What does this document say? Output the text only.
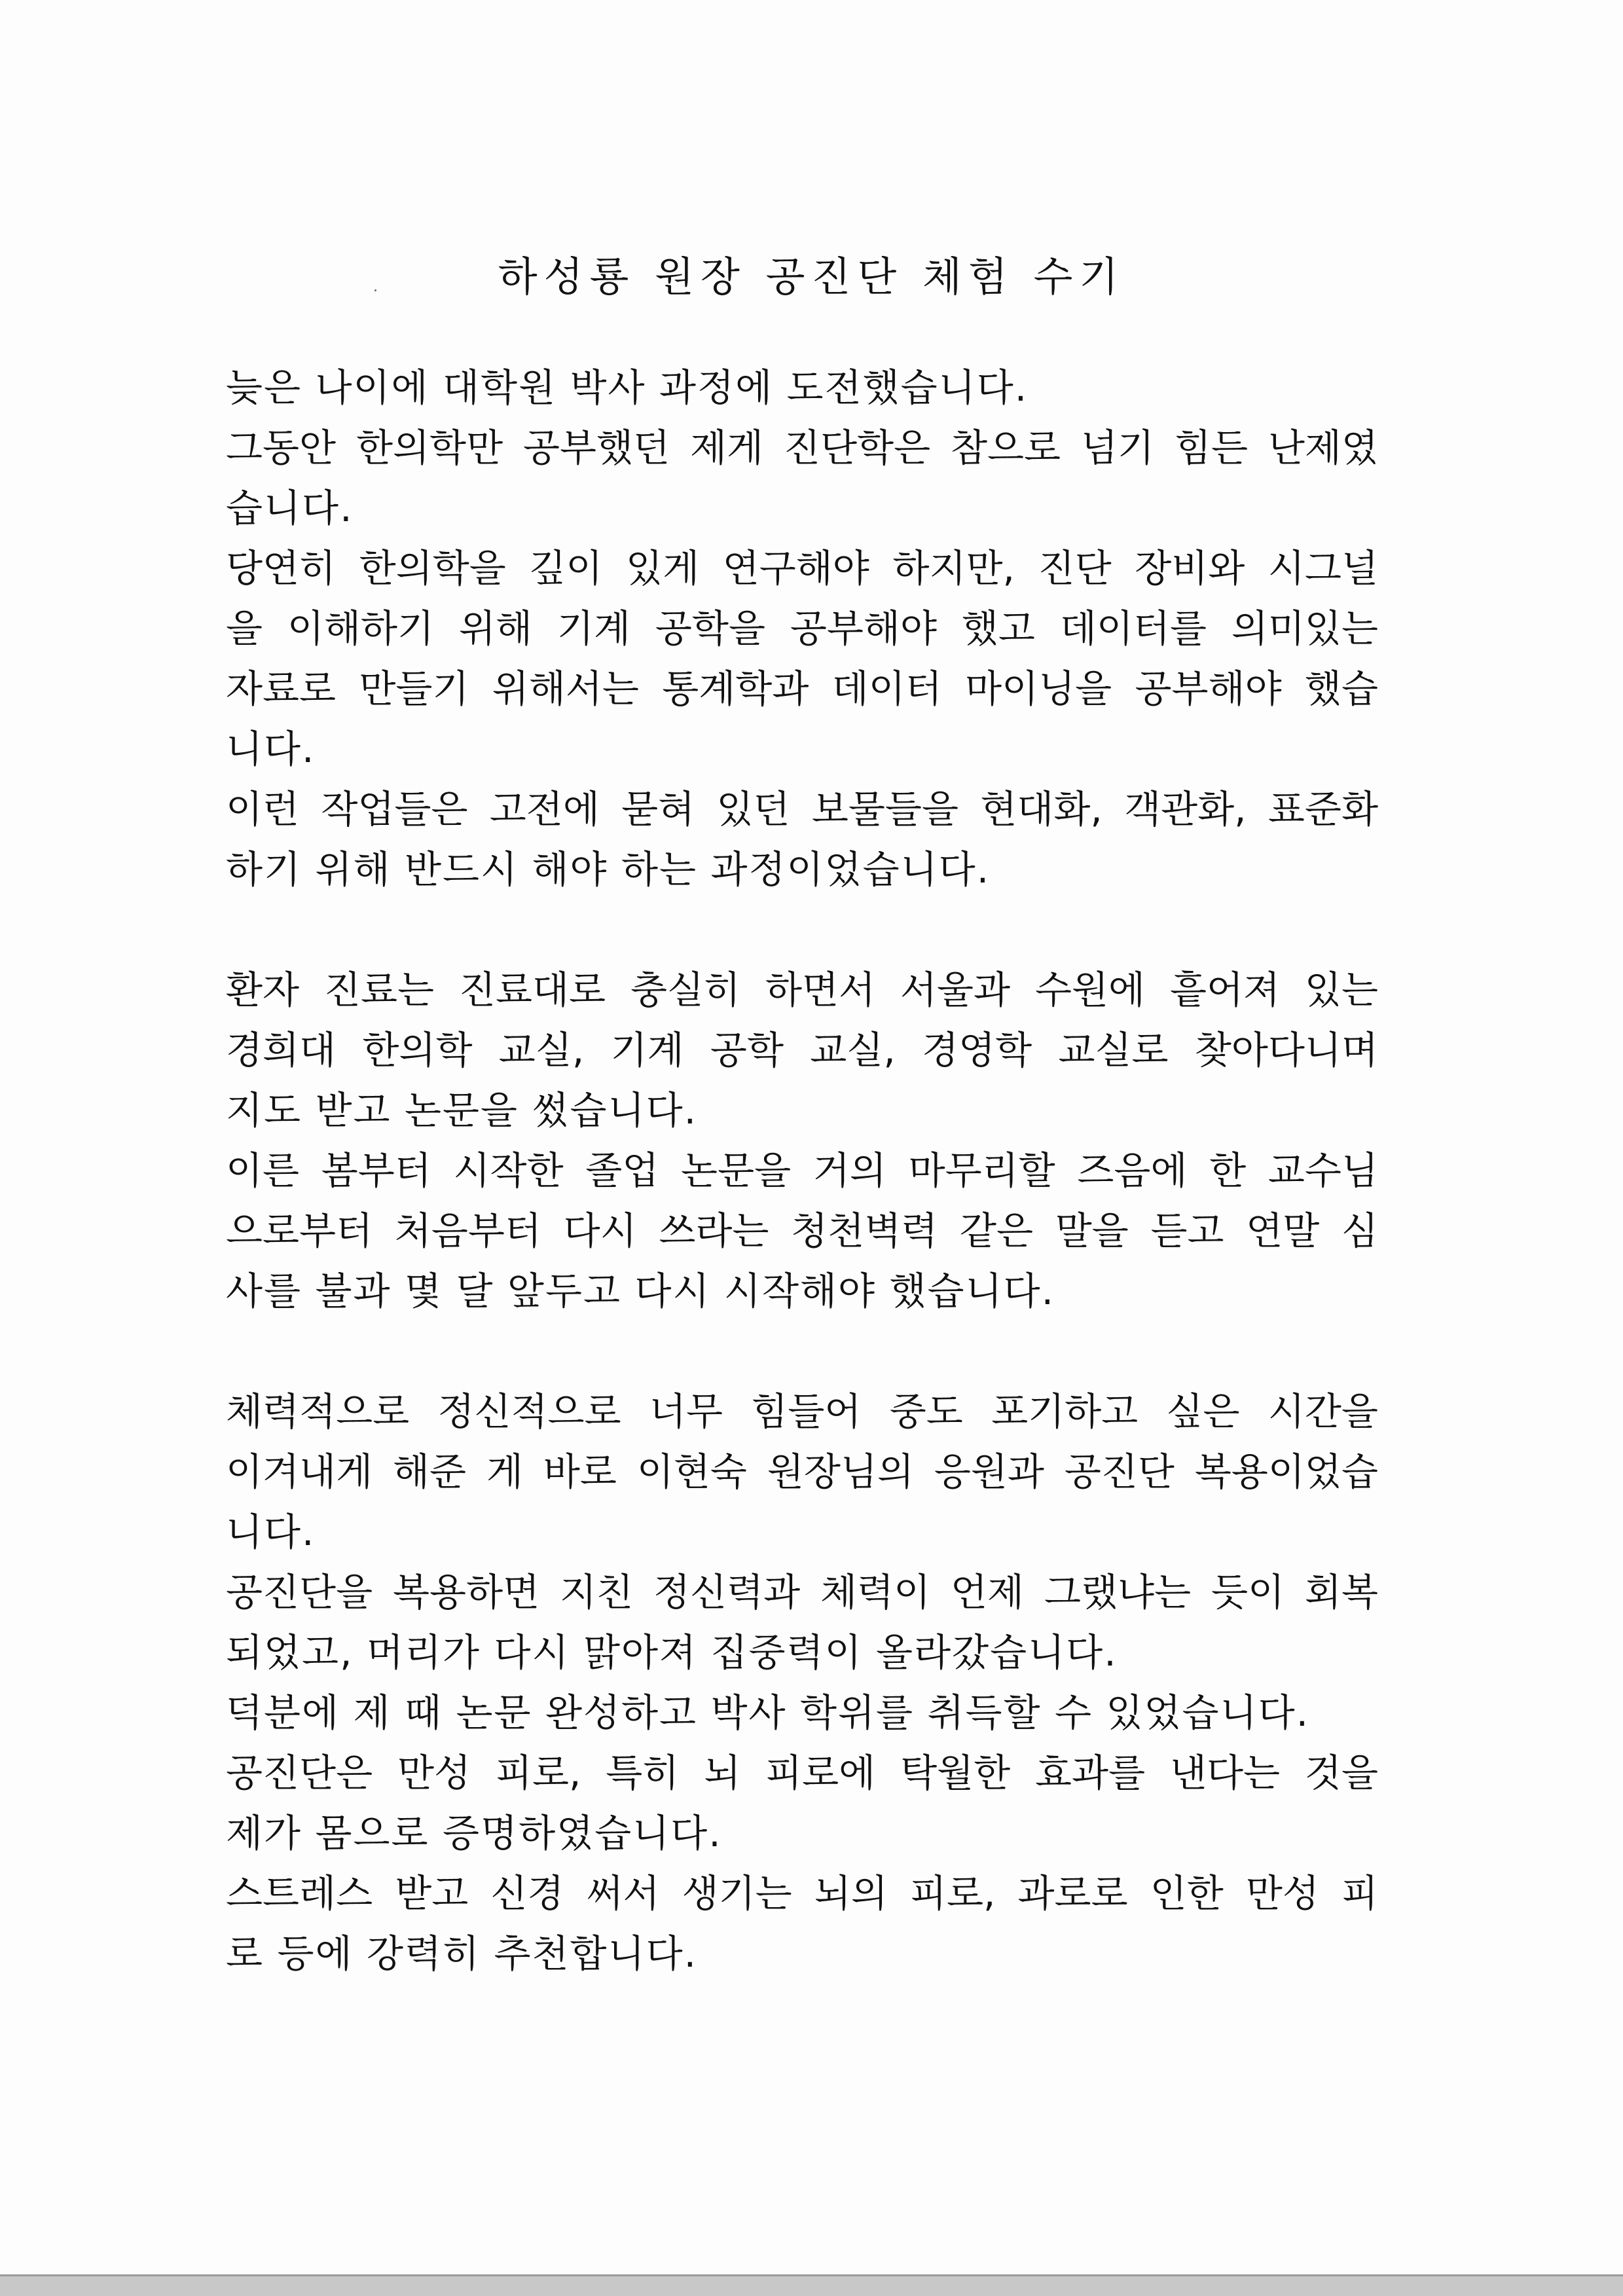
하성룡 원장 공진단 체험 수기
늦은 나이에 대학원 박사 과정에 도전했습니다.
그동안 한의학만 공부했던 제게 진단학은 참으로 넘기 힘든 난제였
습니다.
당연히 한의학을 깊이 있게 연구해야 하지만, 진단 장비와 시그널
을 이해하기 위해 기계 공학을 공부해야 했고 데이터를 의미있는
자료로 만들기 위해서는 통계학과 데이터 마이닝을 공부해야 했습
니다.
이런 작업들은 고전에 묻혀 있던 보물들을 현대화, 객관화, 표준화
하기 위해 반드시 해야 하는 과정이었습니다.
환자 진료는 진료대로 충실히 하면서 서울과 수원에 흩어져 있는
경희대 한의학 교실, 기계 공학 교실, 경영학 교실로 찾아다니며
지도 받고 논문을 썼습니다.
이른 봄부터 시작한 졸업 논문을 거의 마무리할 즈음에 한 교수님
으로부터 처음부터 다시 쓰라는 청천벽력 같은 말을 듣고 연말 심
사를 불과 몇 달 앞두고 다시 시작해야 했습니다.
체력적으로 정신적으로 너무 힘들어 중도 포기하고 싶은 시간을
이겨내게 해준 게 바로 이현숙 원장님의 응원과 공진단 복용이었습
니다.
공진단을 복용하면 지친 정신력과 체력이 언제 그랬냐는 듯이 회복
되었고, 머리가 다시 맑아져 집중력이 올라갔습니다.
덕분에 제 때 논문 완성하고 박사 학위를 취득할 수 있었습니다.
공진단은 만성 피로, 특히 뇌 피로에 탁월한 효과를 낸다는 것을
제가 몸으로 증명하였습니다.
스트레스 받고 신경 써서 생기는 뇌의 피로, 과로로 인한 만성 피
로 등에 강력히 추천합니다.
